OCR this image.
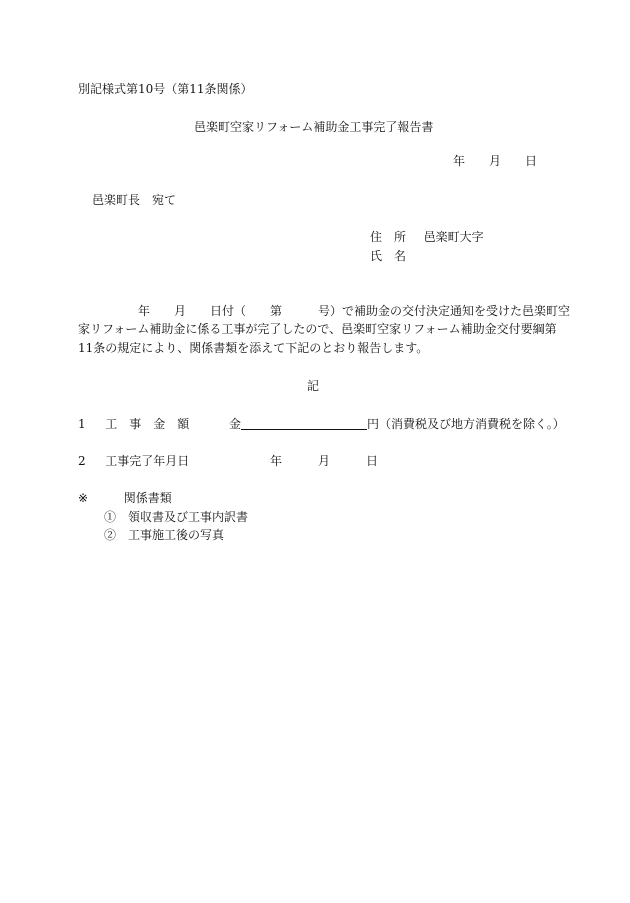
別記様式第10号（第11条関係）
邑楽町空家リフォーム補助金工事完了報告書
年　　月　　日
邑楽町長　宛て
住　所 邑楽町大字
氏　名
年　　月　　日付（　　第　　　号）で補助金の交付決定通知を受けた邑楽町空
家リフォーム補助金に係る工事が完了したので、邑楽町空家リフォーム補助金交付要綱第
11条の規定により、関係書類を添えて下記のとおり報告します。
記
1 工　事　金　額	金	円（消費税及び地方消費税を除く。）
2 工事完了年月日	年　　　月　　　日
※	関係書類
①　領収書及び工事内訳書
②　工事施工後の写真
